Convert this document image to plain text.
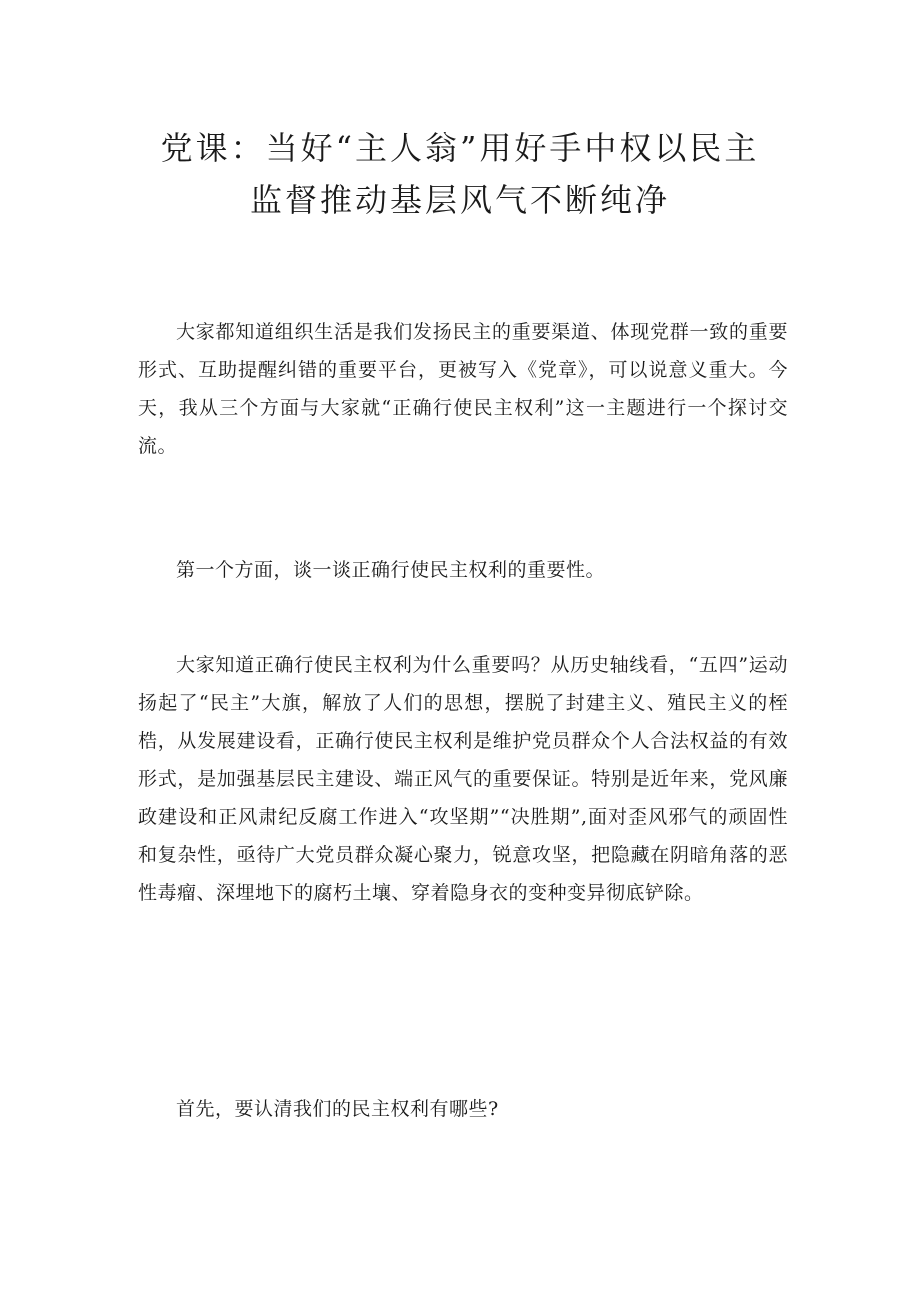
党课：当好“主人翁”用好手中权以民主
监督推动基层风气不断纯净

大家都知道组织生活是我们发扬民主的重要渠道、体现党群一致的重要形式、互助提醒纠错的重要平台，更被写入《党章》，可以说意义重大。今天，我从三个方面与大家就“正确行使民主权利”这一主题进行一个探讨交流。

第一个方面，谈一谈正确行使民主权利的重要性。

大家知道正确行使民主权利为什么重要吗？从历史轴线看，“五四”运动扬起了“民主”大旗，解放了人们的思想，摆脱了封建主义、殖民主义的桎梏，从发展建设看，正确行使民主权利是维护党员群众个人合法权益的有效形式，是加强基层民主建设、端正风气的重要保证。特别是近年来，党风廉政建设和正风肃纪反腐工作进入“攻坚期”“决胜期”,面对歪风邪气的顽固性和复杂性，亟待广大党员群众凝心聚力，锐意攻坚，把隐藏在阴暗角落的恶性毒瘤、深埋地下的腐朽土壤、穿着隐身衣的变种变异彻底铲除。

首先，要认清我们的民主权利有哪些?
